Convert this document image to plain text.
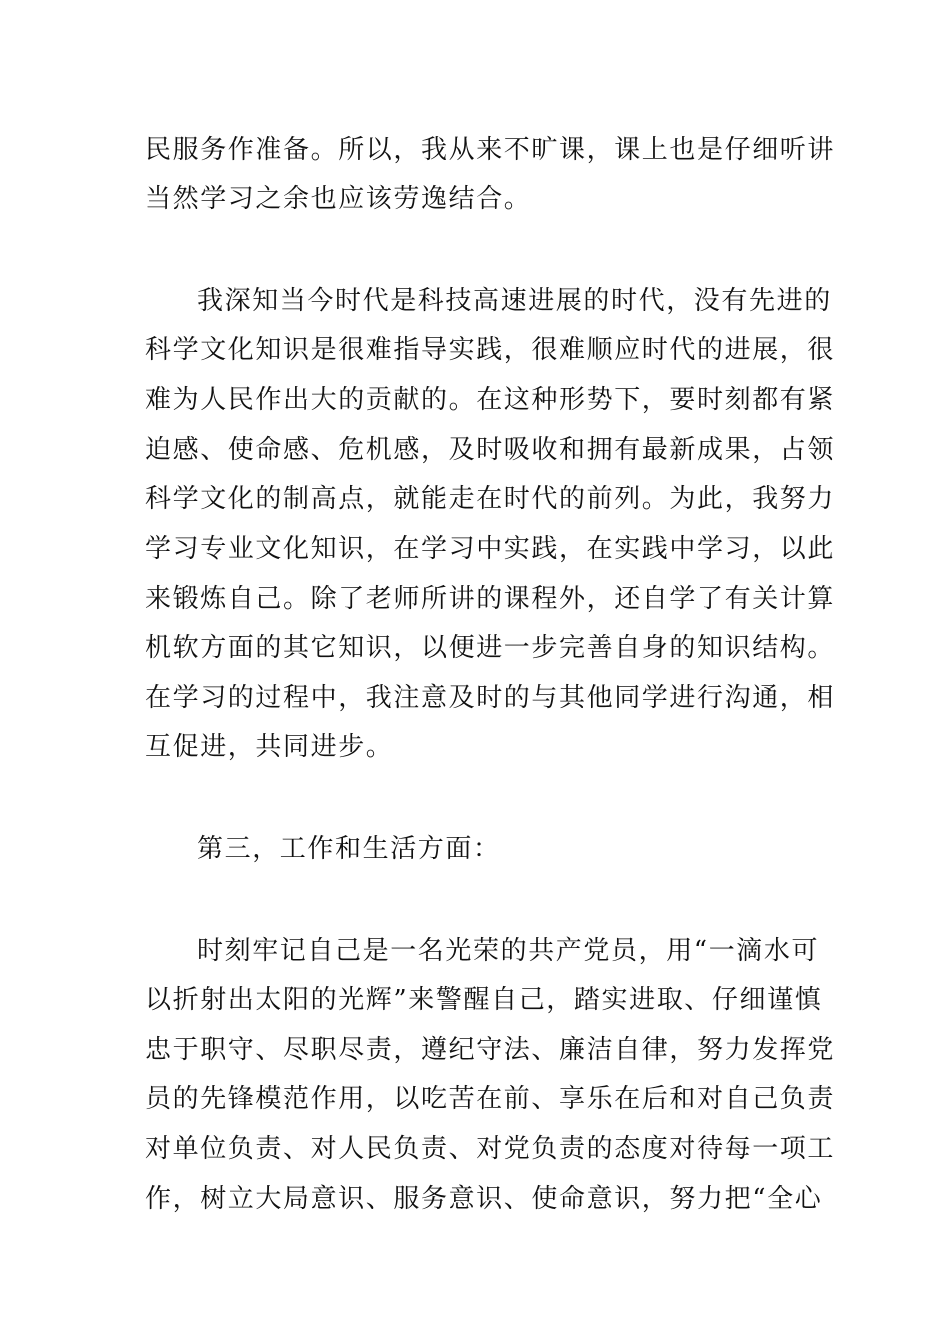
民服务作准备。所以，我从来不旷课，课上也是仔细听讲
当然学习之余也应该劳逸结合。
我深知当今时代是科技高速进展的时代，没有先进的
科学文化知识是很难指导实践，很难顺应时代的进展，很
难为人民作出大的贡献的。在这种形势下，要时刻都有紧
迫感、使命感、危机感，及时吸收和拥有最新成果，占领
科学文化的制高点，就能走在时代的前列。为此，我努力
学习专业文化知识，在学习中实践，在实践中学习，以此
来锻炼自己。除了老师所讲的课程外，还自学了有关计算
机软方面的其它知识，以便进一步完善自身的知识结构。
在学习的过程中，我注意及时的与其他同学进行沟通，相
互促进，共同进步。
第三，工作和生活方面：
时刻牢记自己是一名光荣的共产党员，用“一滴水可
以折射出太阳的光辉”来警醒自己，踏实进取、仔细谨慎
忠于职守、尽职尽责，遵纪守法、廉洁自律，努力发挥党
员的先锋模范作用，以吃苦在前、享乐在后和对自己负责
对单位负责、对人民负责、对党负责的态度对待每一项工
作，树立大局意识、服务意识、使命意识，努力把“全心
